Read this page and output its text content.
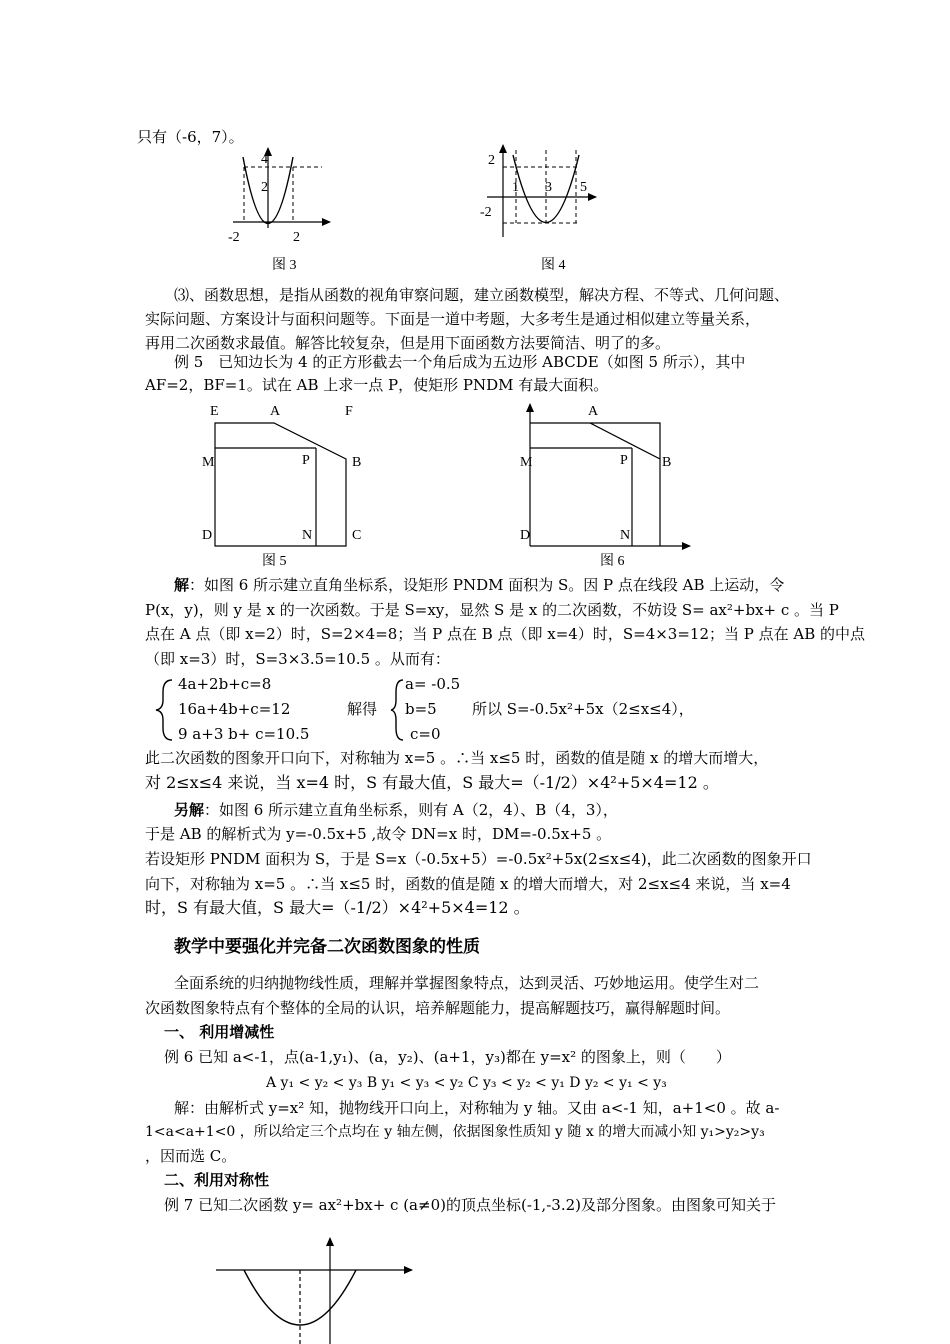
只有（-6，7）。
⑶、函数思想，是指从函数的视角审察问题，建立函数模型，解决方程、不等式、几何问题、
实际问题、方案设计与面积问题等。下面是一道中考题，大多考生是通过相似建立等量关系，
再用二次函数求最值。解答比较复杂，但是用下面函数方法要简洁、明了的多。
例 5　已知边长为 4 的正方形截去一个角后成为五边形 ABCDE（如图 5 所示），其中
AF=2，BF=1。试在 AB 上求一点 P，使矩形 PNDM 有最大面积。
解：如图 6 所示建立直角坐标系，设矩形 PNDM 面积为 S。因 P 点在线段 AB 上运动，令
P(x，y)，则 y 是 x 的一次函数。于是 S=xy，显然 S 是 x 的二次函数，不妨设 S= ax²+bx+ c 。当 P
点在 A 点（即 x=2）时，S=2×4=8；当 P 点在 B 点（即 x=4）时，S=4×3=12；当 P 点在 AB 的中点
（即 x=3）时，S=3×3.5=10.5 。从而有：
4a+2b+c=8
16a+4b+c=12
9 a+3 b+ c=10.5
解得
a= -0.5
b=5
c=0
所以 S=-0.5x²+5x（2≤x≤4），
此二次函数的图象开口向下，对称轴为 x=5 。∴当 x≤5 时，函数的值是随 x 的增大而增大，
对 2≤x≤4 来说，当 x=4 时，S 有最大值，S 最大=（-1/2）×4²+5×4=12 。
另解：如图 6 所示建立直角坐标系，则有 A（2，4）、B（4，3），
于是 AB 的解析式为 y=-0.5x+5 ,故令 DN=x 时，DM=-0.5x+5 。
若设矩形 PNDM 面积为 S，于是 S=x（-0.5x+5）=-0.5x²+5x(2≤x≤4)，此二次函数的图象开口
向下，对称轴为 x=5 。∴当 x≤5 时，函数的值是随 x 的增大而增大，对 2≤x≤4 来说，当 x=4
时，S 有最大值，S 最大=（-1/2）×4²+5×4=12 。
教学中要强化并完备二次函数图象的性质
全面系统的归纳抛物线性质，理解并掌握图象特点，达到灵活、巧妙地运用。使学生对二
次函数图象特点有个整体的全局的认识，培养解题能力，提高解题技巧，赢得解题时间。
一、 利用增减性
例 6 已知 a<-1，点(a-1,y₁)、(a，y₂)、(a+1，y₃)都在 y=x² 的图象上，则（　　）
A y₁ < y₂ < y₃ B y₁ < y₃ < y₂ C y₃ < y₂ < y₁ D y₂ < y₁ < y₃
解：由解析式 y=x² 知，抛物线开口向上，对称轴为 y 轴。又由 a<-1 知，a+1<0 。故 a-
1<a<a+1<0 ，所以给定三个点均在 y 轴左侧，依据图象性质知 y 随 x 的增大而减小知 y₁>y₂>y₃
，因而选 C。
二、利用对称性
例 7 已知二次函数 y= ax²+bx+ c (a≠0)的顶点坐标(-1,-3.2)及部分图象。由图象可知关于
4
2
-2	2
图 3
2
-2
1 3 5
图 4
E	A	F
M	P	B
D	N	C
图 5
A
M	P B
D	N
图 6
